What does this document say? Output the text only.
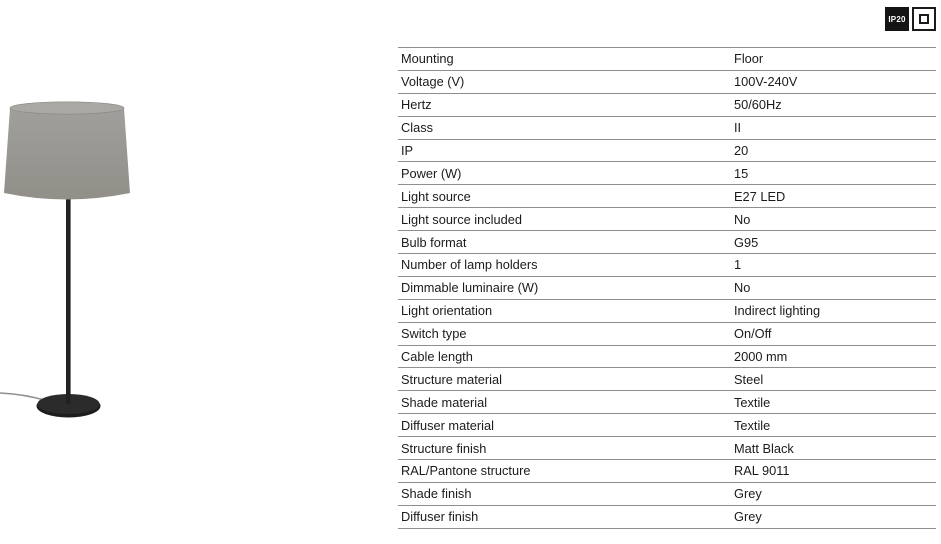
IP20
Mounting	Floor
Voltage (V)	100V-240V
Hertz	50/60Hz
Class	II
IP	20
Power (W)	15
Light source	E27 LED
Light source included	No
Bulb format	G95
Number of lamp holders	1
Dimmable luminaire (W)	No
Light orientation	Indirect lighting
Switch type	On/Off
Cable length	2000 mm
Structure material	Steel
Shade material	Textile
Diffuser material	Textile
Structure finish	Matt Black
RAL/Pantone structure	RAL 9011
Shade finish	Grey
Diffuser finish	Grey
